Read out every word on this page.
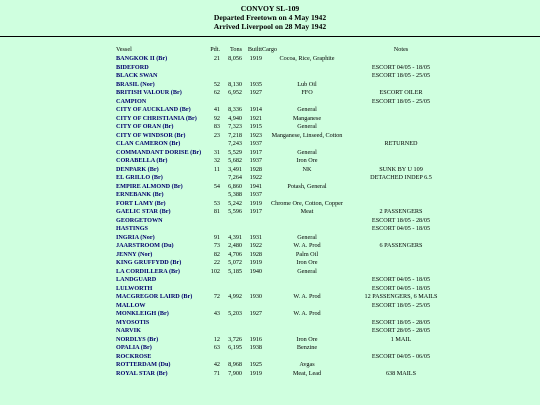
CONVOY SL-109
Departed Freetown on 4 May 1942
Arrived Liverpool on 28 May 1942
Vessel	Pdt.	Tons	Builtt	Cargo	Notes
BANGKOK II (Br)	21	8,056	1919	Cocoa, Rice, Graphite	
BIDEFORD					ESCORT 04/05 - 18/05
BLACK SWAN					ESCORT 18/05 - 25/05
BRASIL (Nor)	52	8,130	1935	Lub Oil	
BRITISH VALOUR (Br)	62	6,952	1927	FFO	ESCORT OILER
CAMPION					ESCORT 18/05 - 25/05
CITY OF AUCKLAND (Br)	41	8,336	1914	General	
CITY OF CHRISTIANIA (Br)	92	4,940	1921	Manganese	
CITY OF ORAN (Br)	83	7,323	1915	General	
CITY OF WINDSOR (Br)	23	7,218	1923	Manganese, Linseed, Cotton	
CLAN CAMERON (Br)		7,243	1937		RETURNED
COMMANDANT DORISE (Br)	31	5,529	1917	General	
CORABELLA (Br)	32	5,682	1937	Iron Ore	
DENPARK (Br)	11	3,491	1928	NK	SUNK BY U 109
EL GRILLO (Br)		7,264	1922		DETACHED INDEP 6.5
EMPIRE ALMOND (Br)	54	6,860	1941	Potash, General	
ERNEBANK (Br)		5,388	1937		
FORT LAMY (Br)	53	5,242	1919	Chrome Ore, Cotton, Copper	
GAELIC STAR (Br)	81	5,596	1917	Meat	2 PASSENGERS
GEORGETOWN					ESCORT 18/05 - 28/05
HASTINGS					ESCORT 04/05 - 18/05
INGRIA (Nor)	91	4,391	1931	General	
JAARSTROOM (Du)	73	2,480	1922	W. A. Prod	6 PASSENGERS
JENNY (Nor)	82	4,706	1928	Palm Oil	
KING GRUFFYDD (Br)	22	5,072	1919	Iron Ore	
LA CORDILLERA (Br)	102	5,185	1940	General	
LANDGUARD					ESCORT 04/05 - 18/05
LULWORTH					ESCORT 04/05 - 18/05
MACGREGOR LAIRD (Br)	72	4,992	1930	W. A. Prod	12 PASSENGERS, 6 MAILS
MALLOW					ESCORT 18/05 - 25/05
MONKLEIGH (Br)	43	5,203	1927	W. A. Prod	
MYOSOTIS					ESCORT 18/05 - 28/05
NARVIK					ESCORT 28/05 - 28/05
NORDLYS (Br)	12	3,726	1916	Iron Ore	1 MAIL
OPALIA (Br)	63	6,195	1938	Benzine	
ROCKROSE					ESCORT 04/05 - 06/05
ROTTERDAM (Du)	42	8,968	1925	Avgas	
ROYAL STAR (Br)	71	7,900	1919	Meat, Lead	638 MAILS
